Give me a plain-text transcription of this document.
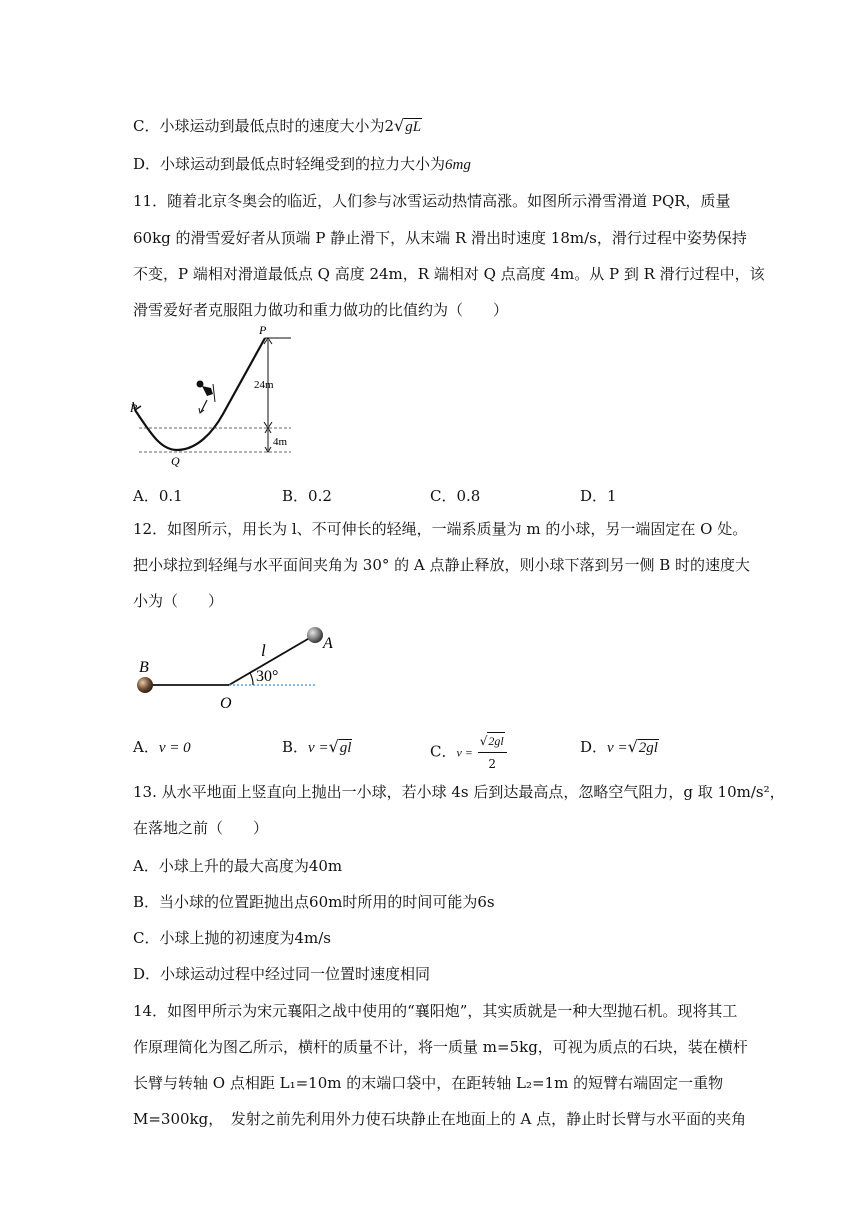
C．小球运动到最低点时的速度大小为2√gL
D．小球运动到最低点时轻绳受到的拉力大小为6mg
11．随着北京冬奥会的临近，人们参与冰雪运动热情高涨。如图所示滑雪滑道 PQR，质量
60kg 的滑雪爱好者从顶端 P 静止滑下，从末端 R 滑出时速度 18m/s，滑行过程中姿势保持
不变，P 端相对滑道最低点 Q 高度 24m，R 端相对 Q 点高度 4m。从 P 到 R 滑行过程中，该
滑雪爱好者克服阻力做功和重力做功的比值约为（　　）
P
R
Q
24m
4m
A．0.1	B．0.2	C．0.8	D．1
12．如图所示，用长为 l、不可伸长的轻绳，一端系质量为 m 的小球，另一端固定在 O 处。
把小球拉到轻绳与水平面间夹角为 30° 的 A 点静止释放，则小球下落到另一侧 B 时的速度大
小为（　　）
A
B
O
l
30°
A．v = 0	B．v =√gl	C．$v = \frac{√2gl}{2}$	D．v =√2gl
13. 从水平地面上竖直向上抛出一小球，若小球 4s 后到达最高点，忽略空气阻力，g 取 10m/s²，
在落地之前（　　）
A．小球上升的最大高度为40m
B．当小球的位置距抛出点60m时所用的时间可能为6s
C．小球上抛的初速度为4m/s
D．小球运动过程中经过同一位置时速度相同
14．如图甲所示为宋元襄阳之战中使用的“襄阳炮”，其实质就是一种大型抛石机。现将其工
作原理简化为图乙所示，横杆的质量不计，将一质量 m=5kg，可视为质点的石块，装在横杆
长臂与转轴 O 点相距 L₁=10m 的末端口袋中，在距转轴 L₂=1m 的短臂右端固定一重物
M=300kg，　发射之前先利用外力使石块静止在地面上的 A 点，静止时长臂与水平面的夹角
